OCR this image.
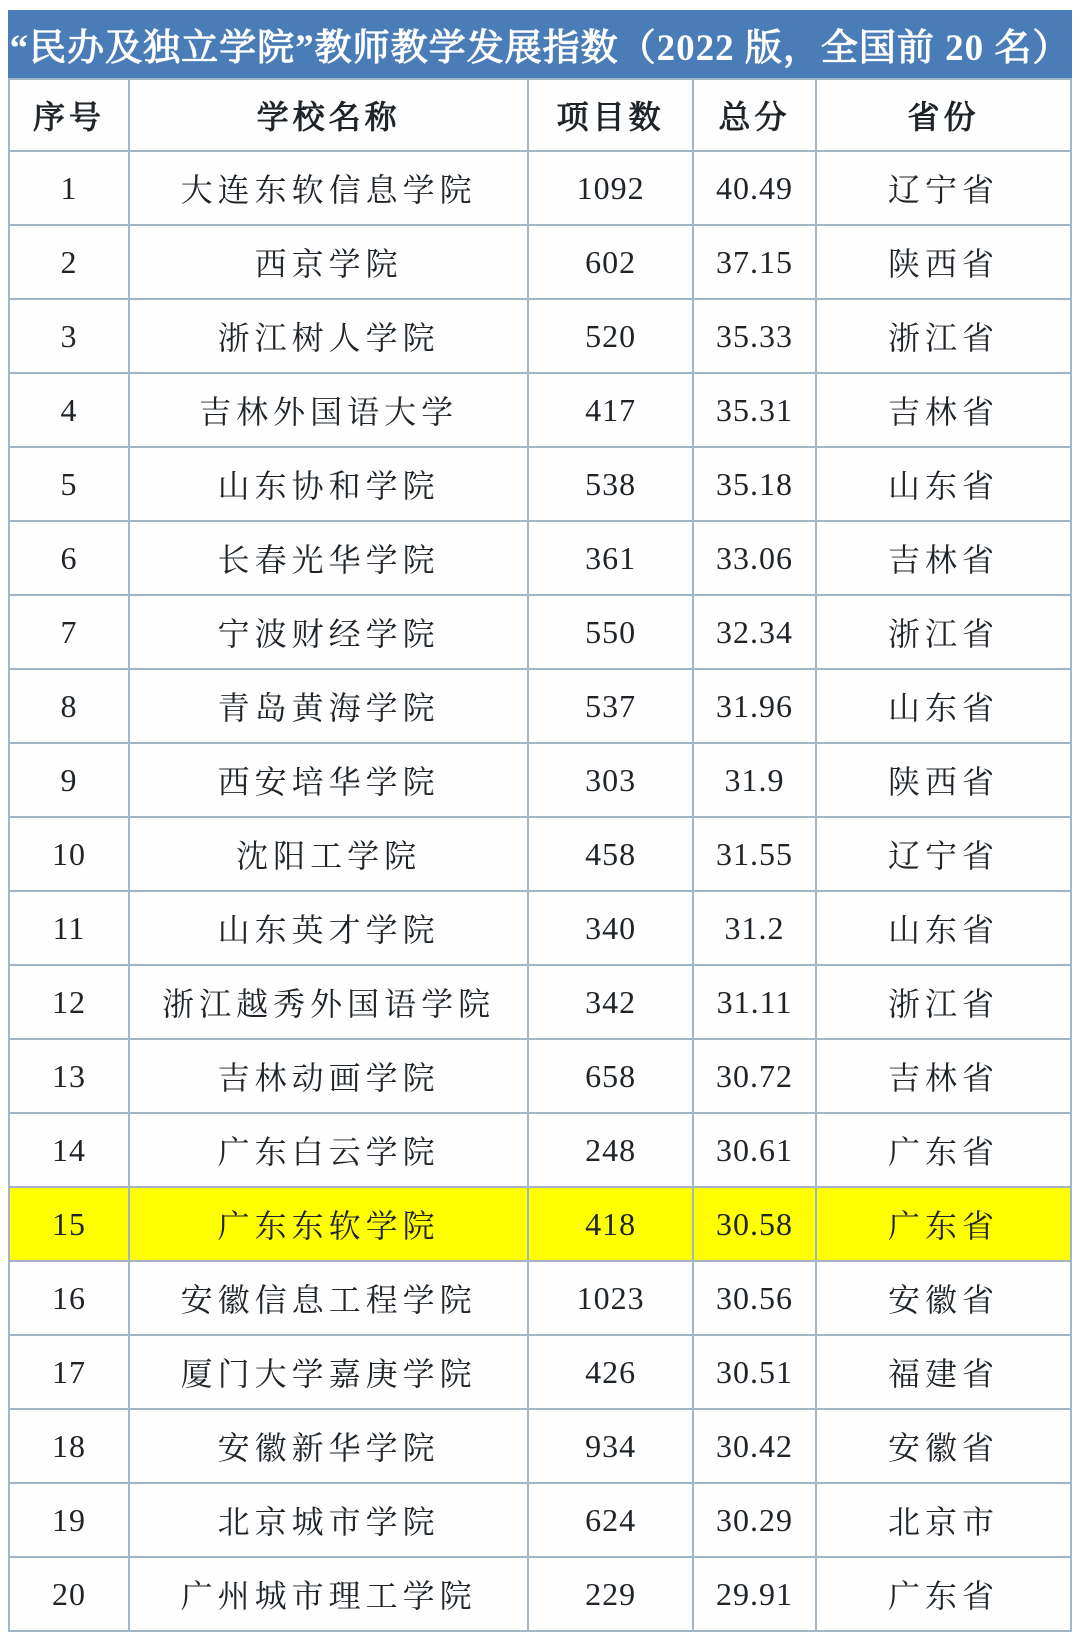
“民办及独立学院”教师教学发展指数（2022 版，全国前 20 名）
序号	学校名称	项目数	总分	省份
1	大连东软信息学院	1092	40.49	辽宁省
2	西京学院	602	37.15	陕西省
3	浙江树人学院	520	35.33	浙江省
4	吉林外国语大学	417	35.31	吉林省
5	山东协和学院	538	35.18	山东省
6	长春光华学院	361	33.06	吉林省
7	宁波财经学院	550	32.34	浙江省
8	青岛黄海学院	537	31.96	山东省
9	西安培华学院	303	31.9	陕西省
10	沈阳工学院	458	31.55	辽宁省
11	山东英才学院	340	31.2	山东省
12	浙江越秀外国语学院	342	31.11	浙江省
13	吉林动画学院	658	30.72	吉林省
14	广东白云学院	248	30.61	广东省
15	广东东软学院	418	30.58	广东省
16	安徽信息工程学院	1023	30.56	安徽省
17	厦门大学嘉庚学院	426	30.51	福建省
18	安徽新华学院	934	30.42	安徽省
19	北京城市学院	624	30.29	北京市
20	广州城市理工学院	229	29.91	广东省
